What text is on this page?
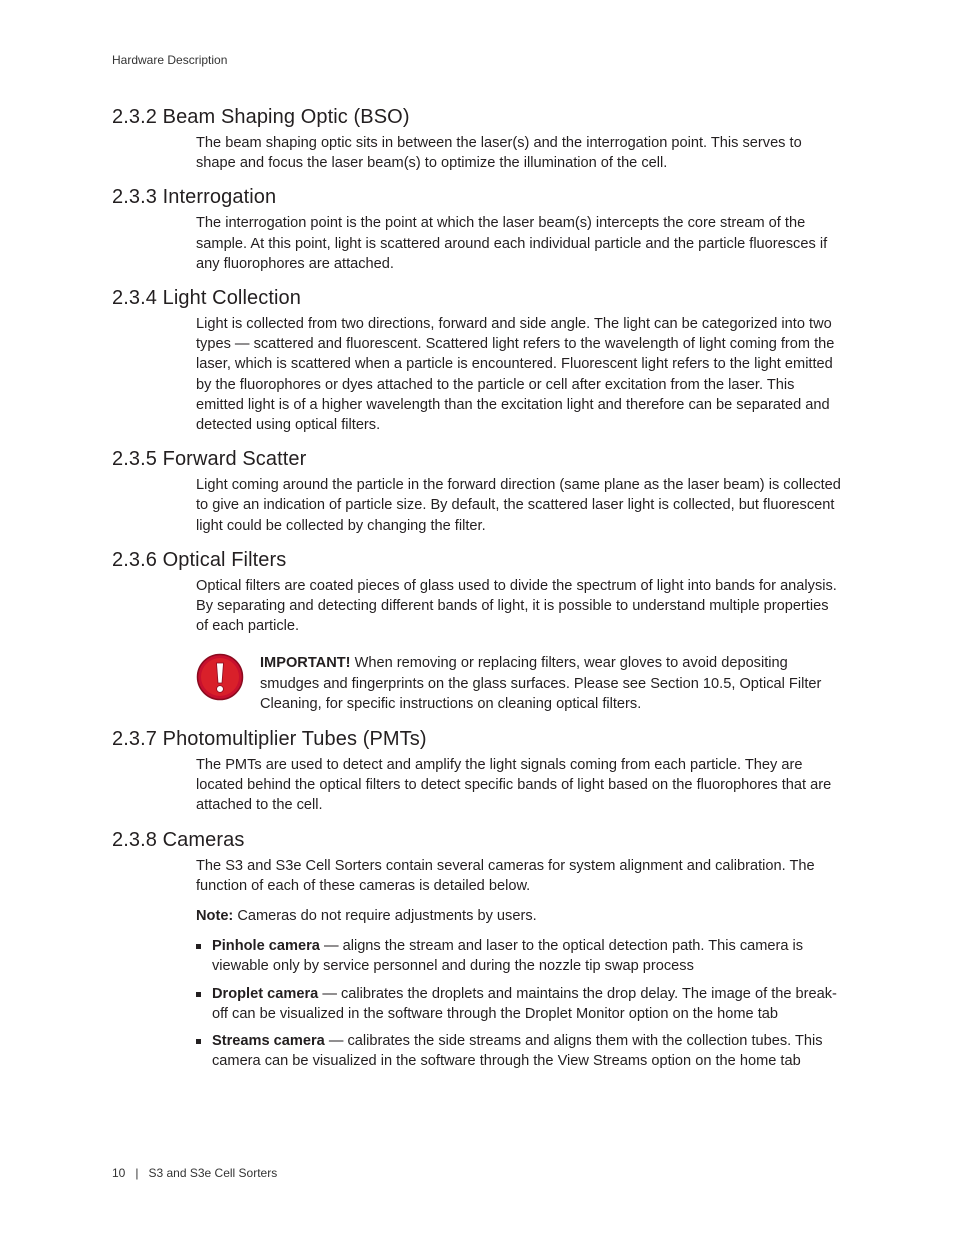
Hardware Description
2.3.2 Beam Shaping Optic (BSO)

The beam shaping optic sits in between the laser(s) and the interrogation point. This serves to shape and focus the laser beam(s) to optimize the illumination of the cell.

2.3.3 Interrogation

The interrogation point is the point at which the laser beam(s) intercepts the core stream of the sample. At this point, light is scattered around each individual particle and the particle fluoresces if any fluorophores are attached.

2.3.4 Light Collection

Light is collected from two directions, forward and side angle. The light can be categorized into two types — scattered and fluorescent. Scattered light refers to the wavelength of light coming from the laser, which is scattered when a particle is encountered. Fluorescent light refers to the light emitted by the fluorophores or dyes attached to the particle or cell after excitation from the laser. This emitted light is of a higher wavelength than the excitation light and therefore can be separated and detected using optical filters.

2.3.5 Forward Scatter

Light coming around the particle in the forward direction (same plane as the laser beam) is collected to give an indication of particle size. By default, the scattered laser light is collected, but fluorescent light could be collected by changing the filter.

2.3.6 Optical Filters

Optical filters are coated pieces of glass used to divide the spectrum of light into bands for analysis. By separating and detecting different bands of light, it is possible to understand multiple properties of each particle.

IMPORTANT! When removing or replacing filters, wear gloves to avoid depositing smudges and fingerprints on the glass surfaces. Please see Section 10.5, Optical Filter Cleaning, for specific instructions on cleaning optical filters.

2.3.7 Photomultiplier Tubes (PMTs)

The PMTs are used to detect and amplify the light signals coming from each particle. They are located behind the optical filters to detect specific bands of light based on the fluorophores that are attached to the cell.

2.3.8 Cameras

The S3 and S3e Cell Sorters contain several cameras for system alignment and calibration. The function of each of these cameras is detailed below.

Note: Cameras do not require adjustments by users.

Pinhole camera — aligns the stream and laser to the optical detection path. This camera is viewable only by service personnel and during the nozzle tip swap process
Droplet camera — calibrates the droplets and maintains the drop delay. The image of the break-off can be visualized in the software through the Droplet Monitor option on the home tab
Streams camera — calibrates the side streams and aligns them with the collection tubes. This camera can be visualized in the software through the View Streams option on the home tab
10 | S3 and S3e Cell Sorters
